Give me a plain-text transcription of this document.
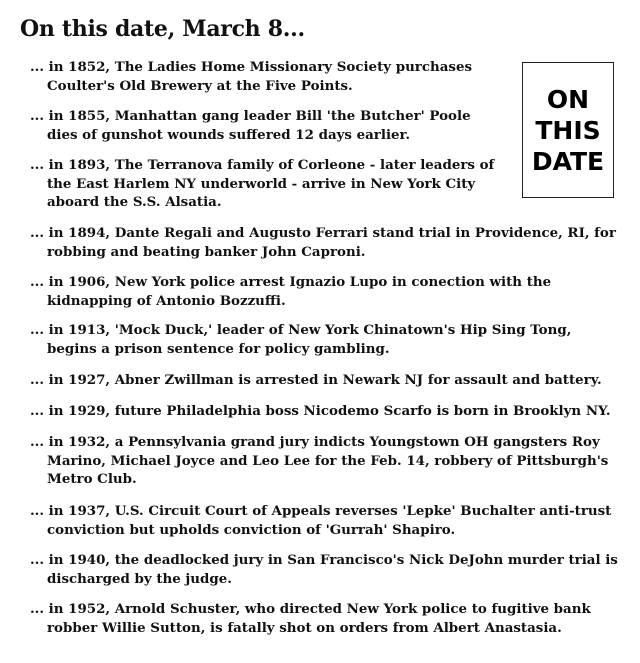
On this date, March 8...
ON
THIS
DATE
... in 1852, The Ladies Home Missionary Society purchases Coulter's Old Brewery at the Five Points.
... in 1855, Manhattan gang leader Bill 'the Butcher' Poole dies of gunshot wounds suffered 12 days earlier.
... in 1893, The Terranova family of Corleone - later leaders of the East Harlem NY underworld - arrive in New York City aboard the S.S. Alsatia.
... in 1894, Dante Regali and Augusto Ferrari stand trial in Providence, RI, for robbing and beating banker John Caproni.
... in 1906, New York police arrest Ignazio Lupo in conection with the kidnapping of Antonio Bozzuffi.
... in 1913, 'Mock Duck,' leader of New York Chinatown's Hip Sing Tong, begins a prison sentence for policy gambling.
... in 1927, Abner Zwillman is arrested in Newark NJ for assault and battery.
... in 1929, future Philadelphia boss Nicodemo Scarfo is born in Brooklyn NY.
... in 1932, a Pennsylvania grand jury indicts Youngstown OH gangsters Roy Marino, Michael Joyce and Leo Lee for the Feb. 14, robbery of Pittsburgh's Metro Club.
... in 1937, U.S. Circuit Court of Appeals reverses 'Lepke' Buchalter anti-trust conviction but upholds conviction of 'Gurrah' Shapiro.
... in 1940, the deadlocked jury in San Francisco's Nick DeJohn murder trial is discharged by the judge.
... in 1952, Arnold Schuster, who directed New York police to fugitive bank robber Willie Sutton, is fatally shot on orders from Albert Anastasia.
